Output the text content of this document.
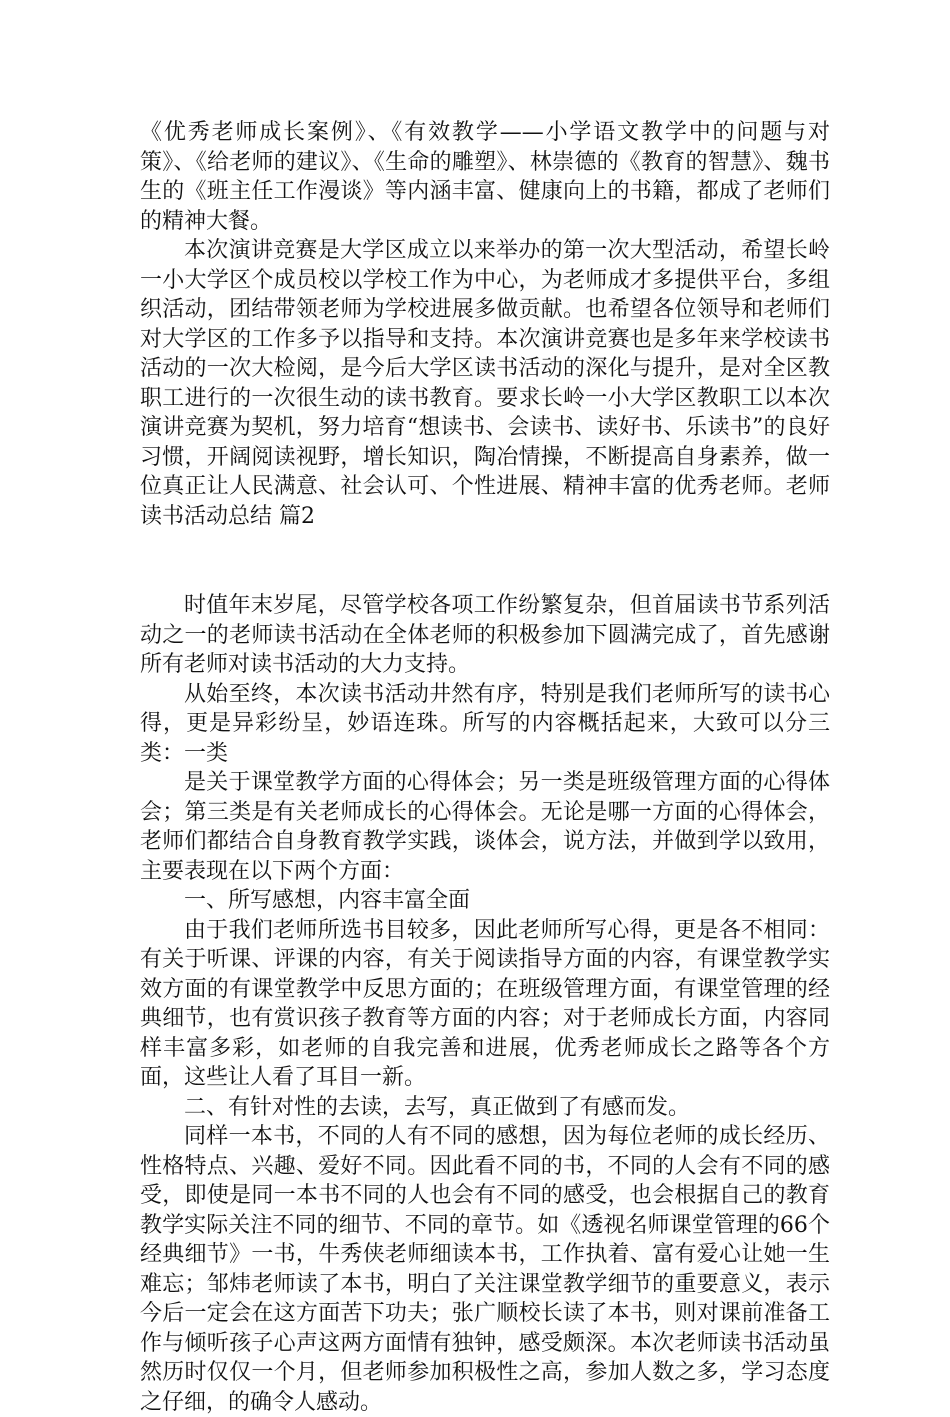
《优秀老师成长案例》、《有效教学——小学语文教学中的问题与对策》、《给老师的建议》、《生命的雕塑》、林崇德的《教育的智慧》、魏书生的《班主任工作漫谈》等内涵丰富、健康向上的书籍，都成了老师们的精神大餐。

本次演讲竞赛是大学区成立以来举办的第一次大型活动，希望长岭一小大学区个成员校以学校工作为中心，为老师成才多提供平台，多组织活动，团结带领老师为学校进展多做贡献。也希望各位领导和老师们对大学区的工作多予以指导和支持。本次演讲竞赛也是多年来学校读书活动的一次大检阅，是今后大学区读书活动的深化与提升，是对全区教职工进行的一次很生动的读书教育。要求长岭一小大学区教职工以本次演讲竞赛为契机，努力培育“想读书、会读书、读好书、乐读书”的良好习惯，开阔阅读视野，增长知识，陶冶情操，不断提高自身素养，做一位真正让人民满意、社会认可、个性进展、精神丰富的优秀老师。老师读书活动总结 篇2

时值年末岁尾，尽管学校各项工作纷繁复杂，但首届读书节系列活动之一的老师读书活动在全体老师的积极参加下圆满完成了，首先感谢所有老师对读书活动的大力支持。

从始至终，本次读书活动井然有序，特别是我们老师所写的读书心得，更是异彩纷呈，妙语连珠。所写的内容概括起来，大致可以分三类：一类

是关于课堂教学方面的心得体会；另一类是班级管理方面的心得体会；第三类是有关老师成长的心得体会。无论是哪一方面的心得体会，老师们都结合自身教育教学实践，谈体会，说方法，并做到学以致用，主要表现在以下两个方面：

一、所写感想，内容丰富全面

由于我们老师所选书目较多，因此老师所写心得，更是各不相同：有关于听课、评课的内容，有关于阅读指导方面的内容，有课堂教学实效方面的有课堂教学中反思方面的；在班级管理方面，有课堂管理的经典细节，也有赏识孩子教育等方面的内容；对于老师成长方面，内容同样丰富多彩，如老师的自我完善和进展，优秀老师成长之路等各个方面，这些让人看了耳目一新。

二、有针对性的去读，去写，真正做到了有感而发。

同样一本书，不同的人有不同的感想，因为每位老师的成长经历、性格特点、兴趣、爱好不同。因此看不同的书，不同的人会有不同的感受，即使是同一本书不同的人也会有不同的感受，也会根据自己的教育教学实际关注不同的细节、不同的章节。如《透视名师课堂管理的66个经典细节》一书，牛秀侠老师细读本书，工作执着、富有爱心让她一生难忘；邹炜老师读了本书，明白了关注课堂教学细节的重要意义，表示今后一定会在这方面苦下功夫；张广顺校长读了本书，则对课前准备工作与倾听孩子心声这两方面情有独钟，感受颇深。本次老师读书活动虽然历时仅仅一个月，但老师参加积极性之高，参加人数之多，学习态度之仔细，的确令人感动。
